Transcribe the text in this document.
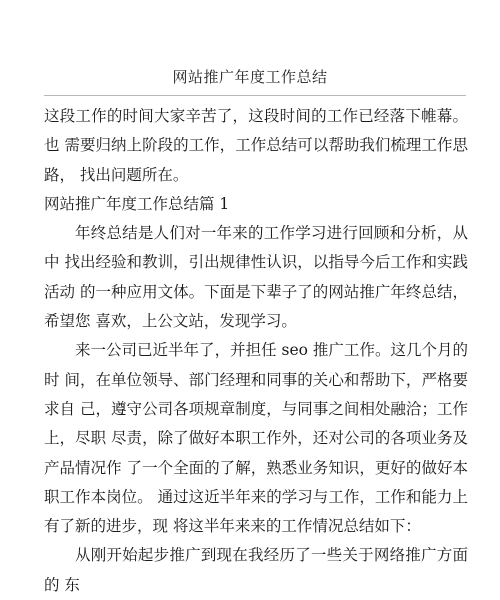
网站推广年度工作总结

这段工作的时间大家辛苦了，这段时间的工作已经落下帷幕。也 需要归纳上阶段的工作，工作总结可以帮助我们梳理工作思路， 找出问题所在。

网站推广年度工作总结篇 1

年终总结是人们对一年来的工作学习进行回顾和分析，从中 找出经验和教训，引出规律性认识，以指导今后工作和实践活动 的一种应用文体。下面是下辈子了的网站推广年终总结，希望您 喜欢，上公文站，发现学习。

来一公司已近半年了，并担任 seo 推广工作。这几个月的时 间，在单位领导、部门经理和同事的关心和帮助下，严格要求自 己，遵守公司各项规章制度，与同事之间相处融洽；工作上，尽职 尽责，除了做好本职工作外，还对公司的各项业务及产品情况作 了一个全面的了解，熟悉业务知识，更好的做好本职工作本岗位。 通过这近半年来的学习与工作，工作和能力上有了新的进步，现 将这半年来来的工作情况总结如下：

从刚开始起步推广到现在我经历了一些关于网络推广方面的 东
